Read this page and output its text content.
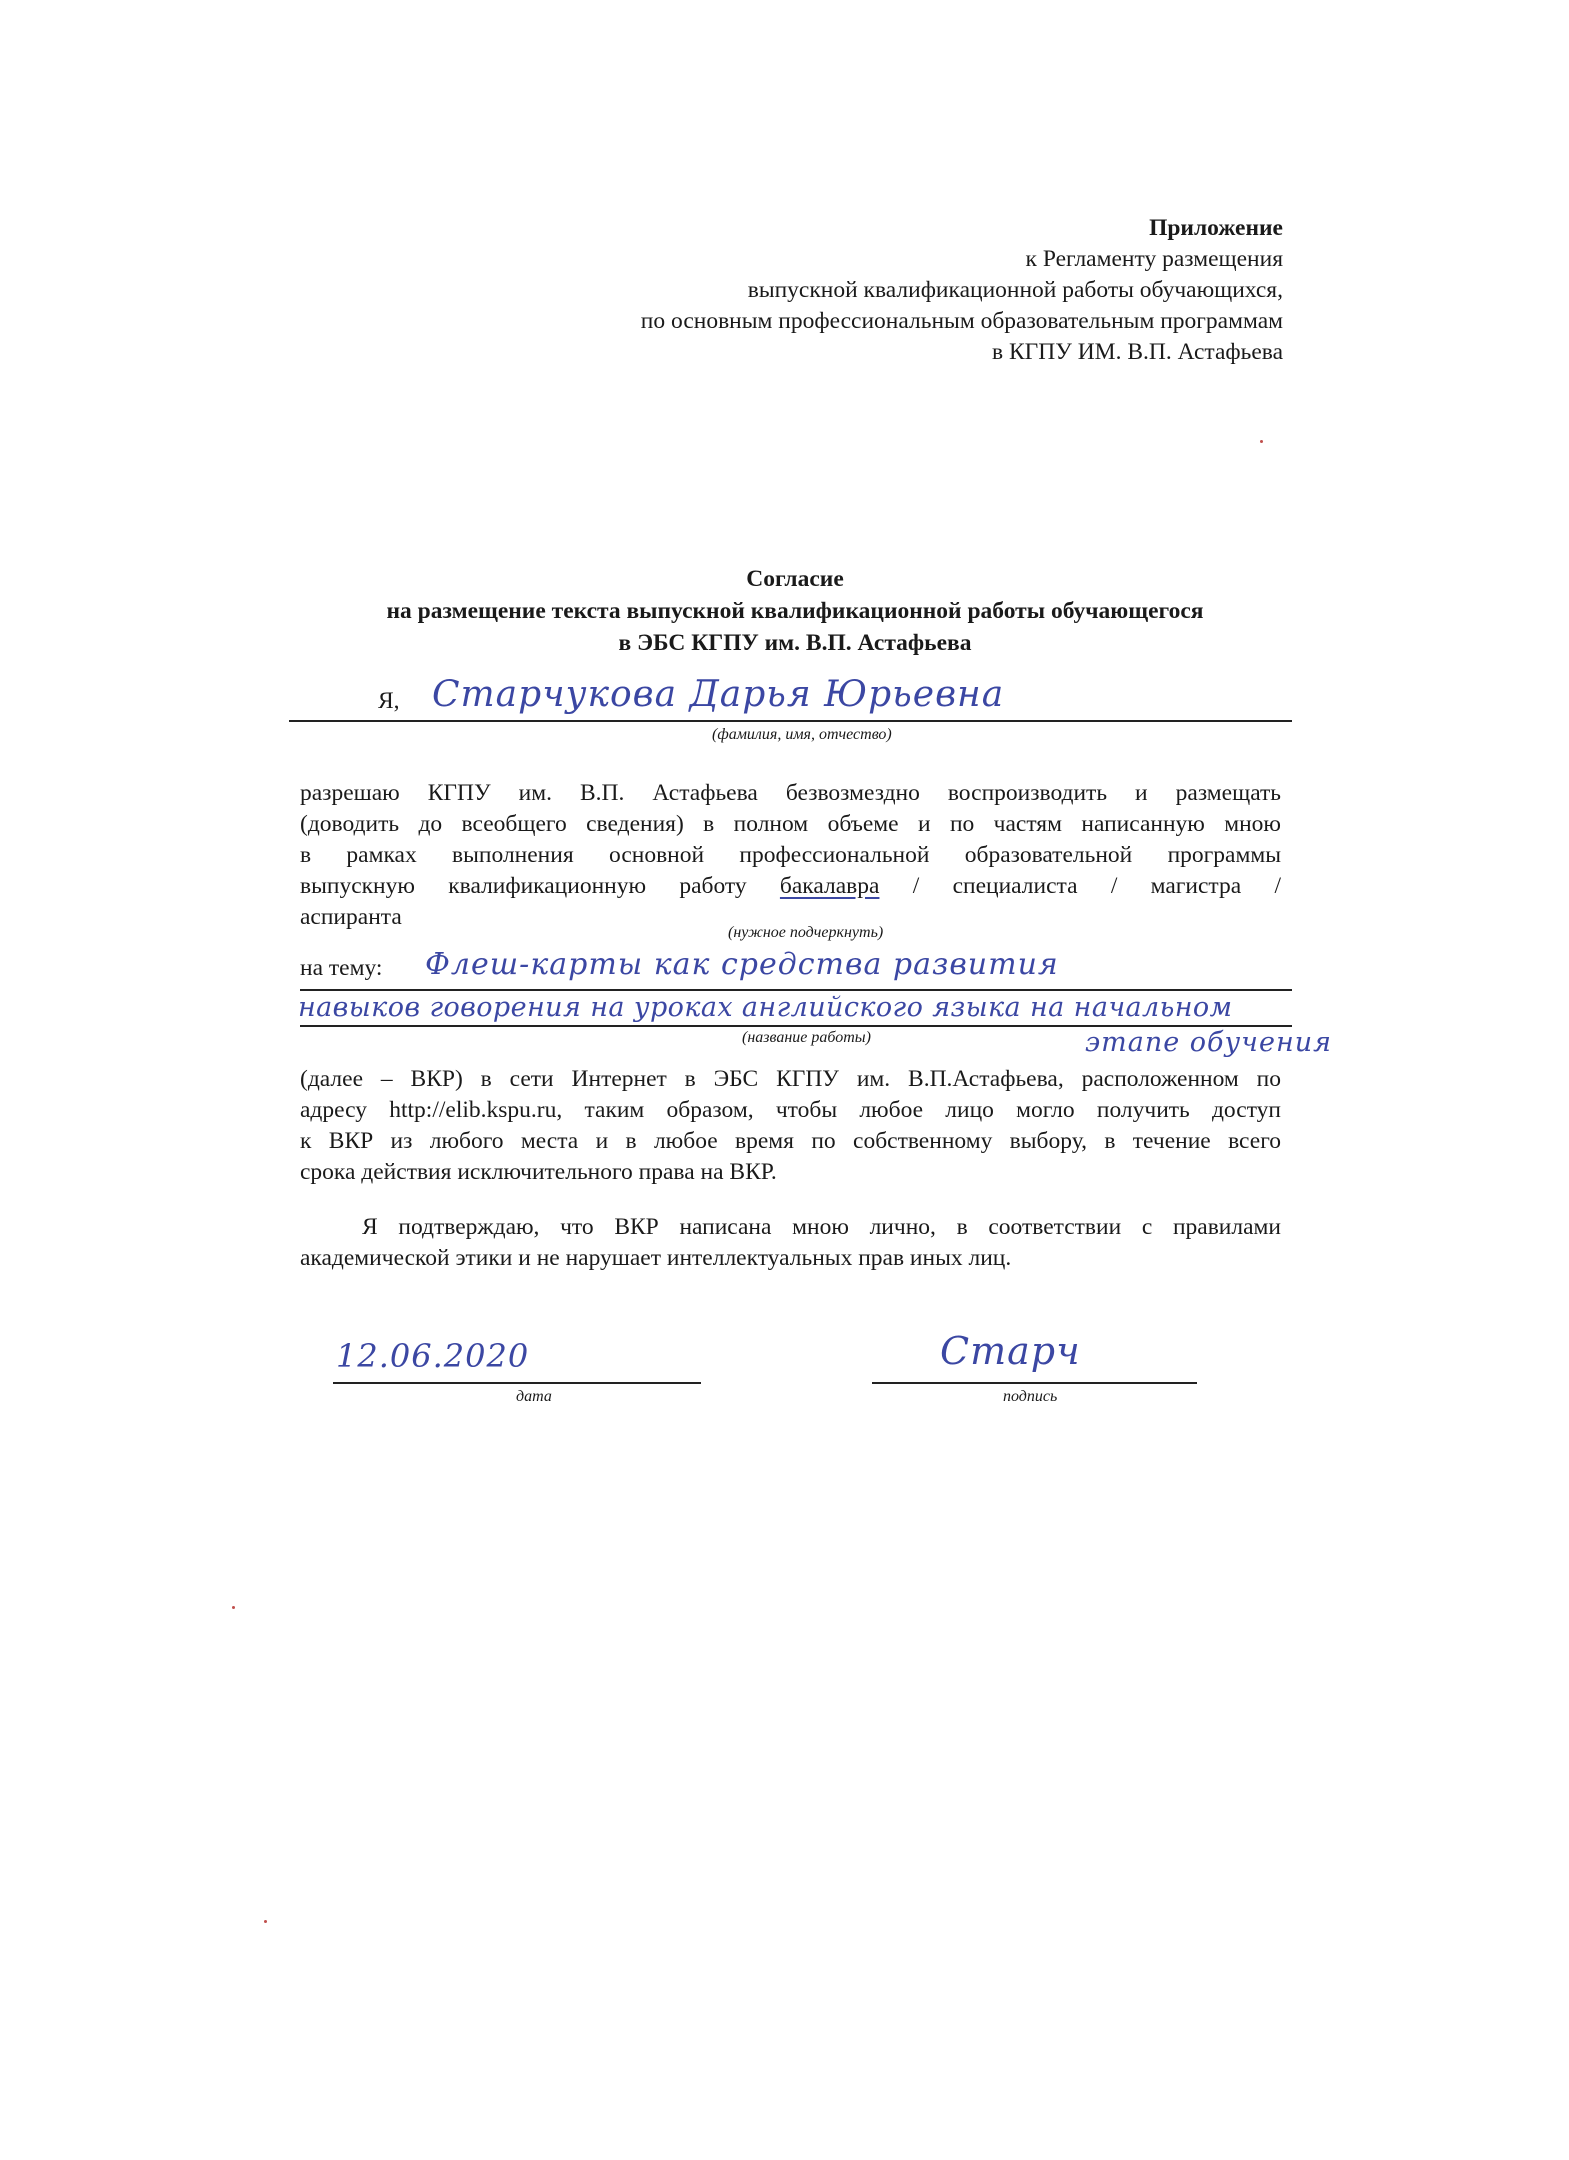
Приложение
к Регламенту размещения
выпускной квалификационной работы обучающихся,
по основным профессиональным образовательным программам
в КГПУ ИМ. В.П. Астафьева
Согласие
на размещение текста выпускной квалификационной работы обучающегося
в ЭБС КГПУ им. В.П. Астафьева
Я, Старчукова Дарья Юрьевна
(фамилия, имя, отчество)

разрешаю КГПУ им. В.П. Астафьева безвозмездно воспроизводить и размещать

(доводить до всеобщего сведения) в полном объеме и по частям написанную мною

в рамках выполнения основной профессиональной образовательной программы

выпускную квалификационную работу бакалавра / специалиста / магистра /

аспиранта

(нужное подчеркнуть)
на тему: Флеш-карты как средства развития
навыков говорения на уроках английского языка на начальном
(название работы)	этапе обучения

(далее – ВКР) в сети Интернет в ЭБС КГПУ им. В.П.Астафьева, расположенном по

адресу http://elib.kspu.ru, таким образом, чтобы любое лицо могло получить доступ

к ВКР из любого места и в любое время по собственному выбору, в течение всего

срока действия исключительного права на ВКР.

Я подтверждаю, что ВКР написана мною лично, в соответствии с правилами

академической этики и не нарушает интеллектуальных прав иных лиц.

12.06.2020
дата
Старч
подпись
